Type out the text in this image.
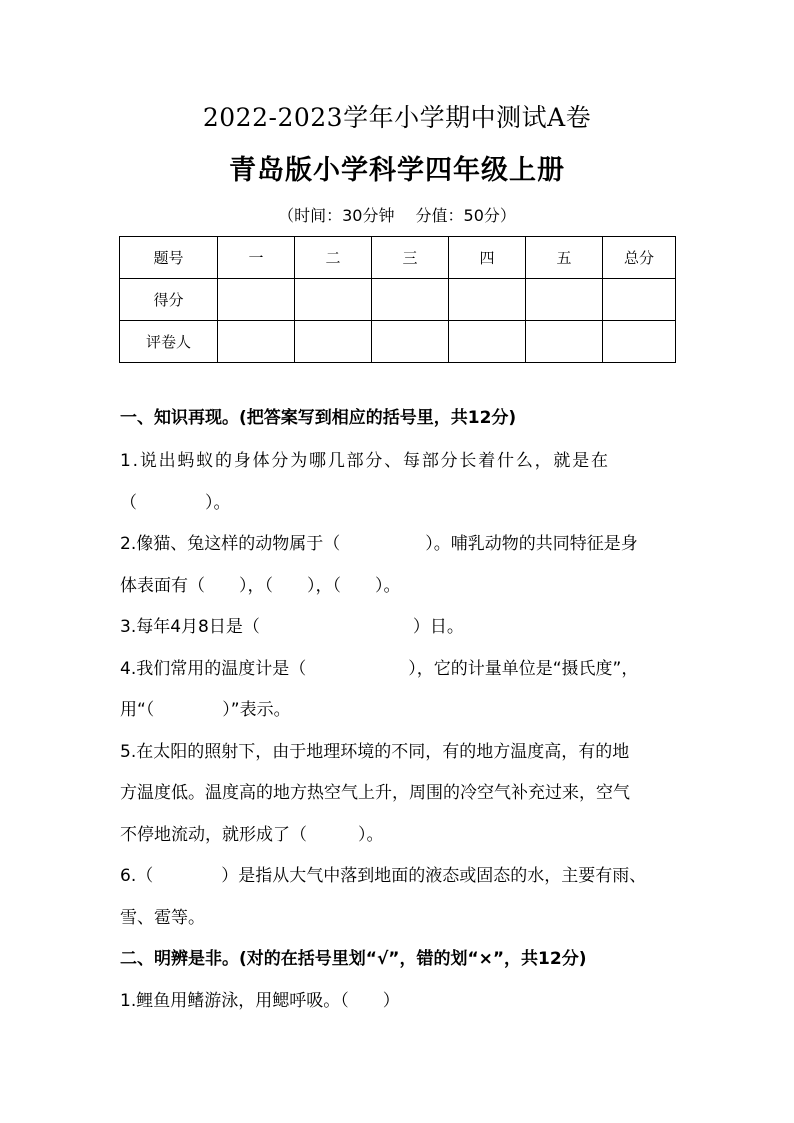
2022-2023学年小学期中测试A卷
青岛版小学科学四年级上册
（时间：30分钟　 分值：50分）
题号	一	二	三	四	五	总分
得分						
评卷人						
一、知识再现。(把答案写到相应的括号里，共12分)
1.说出蚂蚁的身体分为哪几部分、每部分长着什么，就是在
（　　　　）。
2.像猫、兔这样的动物属于（　　　　　）。哺乳动物的共同特征是身
体表面有（　　），（　　），（　　）。
3.每年4月8日是（　　　　　　　　　）日。
4.我们常用的温度计是（　　　　　　），它的计量单位是“摄氏度”，
用“（　　　　）”表示。
5.在太阳的照射下，由于地理环境的不同，有的地方温度高，有的地
方温度低。温度高的地方热空气上升，周围的冷空气补充过来，空气
不停地流动，就形成了（　　　）。
6.（　　　　）是指从大气中落到地面的液态或固态的水，主要有雨、
雪、雹等。
二、明辨是非。(对的在括号里划“√”，错的划“×”，共12分)
1.鲤鱼用鳍游泳，用鳃呼吸。（　　）
